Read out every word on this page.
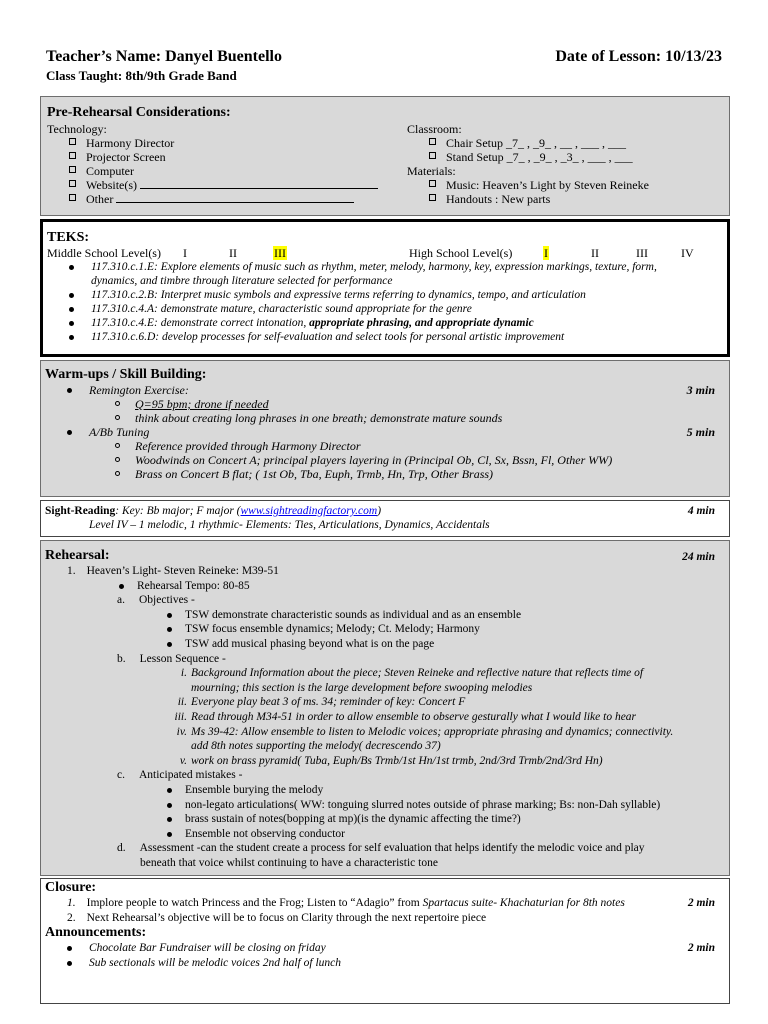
Teacher’s Name: Danyel Buentello
Class Taught: 8th/9th Grade Band
Date of Lesson: 10/13/23
Pre-Rehearsal Considerations:
Technology:
Harmony Director
Projector Screen
Computer
Website(s)
Other
Classroom:
Chair Setup _7_ , _9_ , __ , ___ , ___
Stand Setup _7_ , _9_ , _3_ , ___ , ___
Materials:
Music: Heaven’s Light by Steven Reineke
Handouts : New parts
TEKS:
Middle School Level(s) I	II	III	High School Level(s)	I	II	III	IV
117.310.c.1.E: Explore elements of music such as rhythm, meter, melody, harmony, key, expression markings, texture, form,
dynamics, and timbre through literature selected for performance
117.310.c.2.B: Interpret music symbols and expressive terms referring to dynamics, tempo, and articulation
117.310.c.4.A: demonstrate mature, characteristic sound appropriate for the genre
117.310.c.4.E: demonstrate correct intonation, appropriate phrasing, and appropriate dynamic
117.310.c.6.D: develop processes for self-evaluation and select tools for personal artistic improvement
Warm-ups / Skill Building:
Remington Exercise:	3 min
Q=95 bpm; drone if needed
think about creating long phrases in one breath; demonstrate mature sounds
A/Bb Tuning	5 min
Reference provided through Harmony Director
Woodwinds on Concert A; principal players layering in (Principal Ob, Cl, Sx, Bssn, Fl, Other WW)
Brass on Concert B flat; ( 1st Ob, Tba, Euph, Trmb, Hn, Trp, Other Brass)
Sight-Reading: Key: Bb major; F major (www.sightreadingfactory.com)	4 min
Level IV – 1 melodic, 1 rhythmic- Elements: Ties, Articulations, Dynamics, Accidentals
Rehearsal:	24 min
1. Heaven’s Light- Steven Reineke: M39-51
Rehearsal Tempo: 80-85
a. Objectives -
TSW demonstrate characteristic sounds as individual and as an ensemble
TSW focus ensemble dynamics; Melody; Ct. Melody; Harmony
TSW add musical phasing beyond what is on the page
b. Lesson Sequence -
i. Background Information about the piece; Steven Reineke and reflective nature that reflects time of
mourning; this section is the large development before swooping melodies
ii. Everyone play beat 3 of ms. 34; reminder of key: Concert F
iii. Read through M34-51 in order to allow ensemble to observe gesturally what I would like to hear
iv. Ms 39-42: Allow ensemble to listen to Melodic voices; appropriate phrasing and dynamics; connectivity.
add 8th notes supporting the melody( decrescendo 37)
v. work on brass pyramid( Tuba, Euph/Bs Trmb/1st Hn/1st trmb, 2nd/3rd Trmb/2nd/3rd Hn)
c. Anticipated mistakes -
Ensemble burying the melody
non-legato articulations( WW: tonguing slurred notes outside of phrase marking; Bs: non-Dah syllable)
brass sustain of notes(bopping at mp)(is the dynamic affecting the time?)
Ensemble not observing conductor
d. Assessment -can the student create a process for self evaluation that helps identify the melodic voice and play
beneath that voice whilst continuing to have a characteristic tone
Closure:
1. Implore people to watch Princess and the Frog; Listen to “Adagio” from Spartacus suite- Khachaturian for 8th notes	2 min
2. Next Rehearsal’s objective will be to focus on Clarity through the next repertoire piece
Announcements:
Chocolate Bar Fundraiser will be closing on friday	2 min
Sub sectionals will be melodic voices 2nd half of lunch
